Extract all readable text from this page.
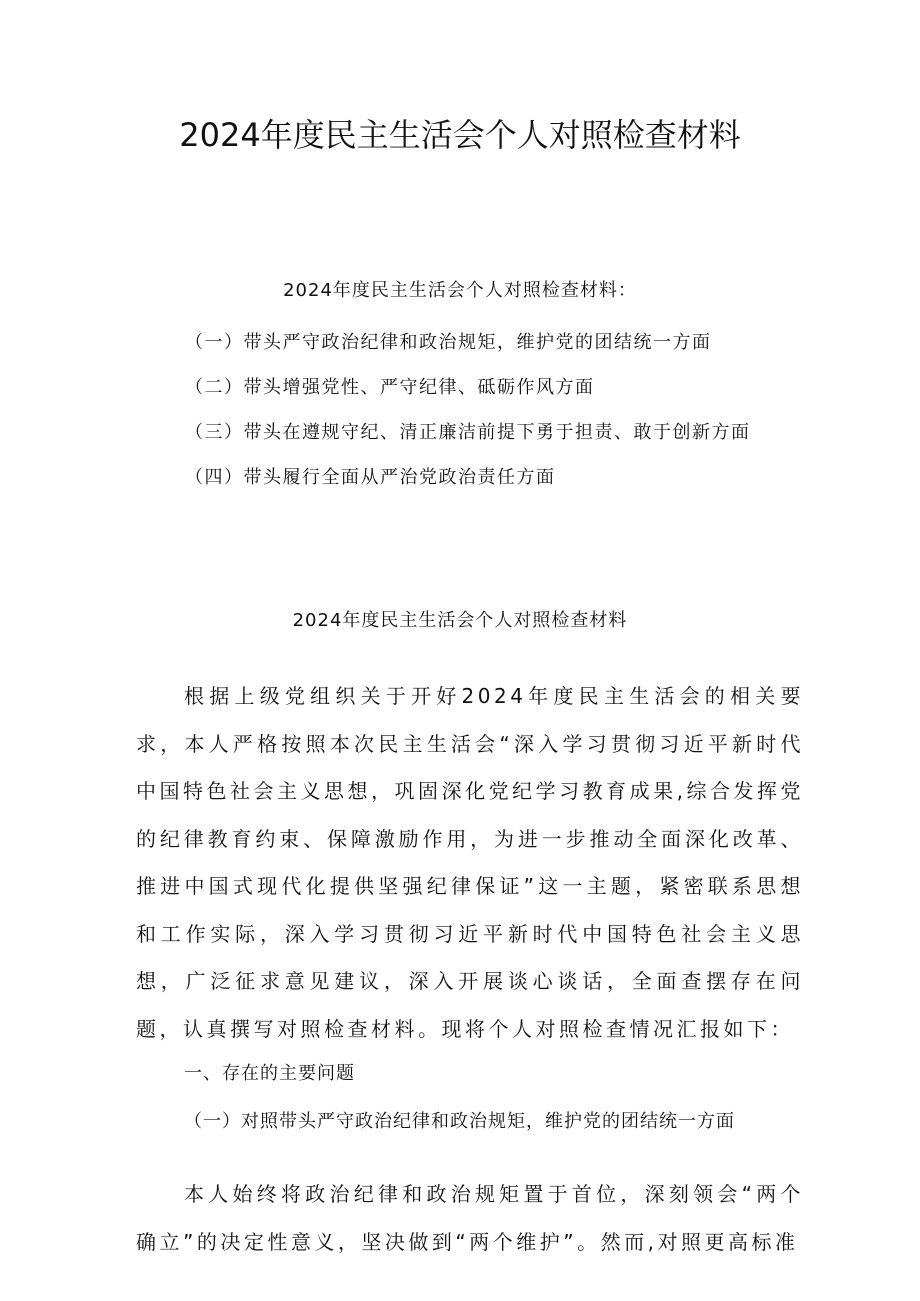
2024年度民主生活会个人对照检查材料

2024年度民主生活会个人对照检查材料：

（一）带头严守政治纪律和政治规矩，维护党的团结统一方面
（二）带头增强党性、严守纪律、砥砺作风方面
（三）带头在遵规守纪、清正廉洁前提下勇于担责、敢于创新方面
（四）带头履行全面从严治党政治责任方面

2024年度民主生活会个人对照检查材料

根据上级党组织关于开好2024年度民主生活会的相关要求，本人严格按照本次民主生活会“深入学习贯彻习近平新时代中国特色社会主义思想，巩固深化党纪学习教育成果,综合发挥党的纪律教育约束、保障激励作用，为进一步推动全面深化改革、推进中国式现代化提供坚强纪律保证”这一主题，紧密联系思想和工作实际，深入学习贯彻习近平新时代中国特色社会主义思想，广泛征求意见建议，深入开展谈心谈话，全面查摆存在问题，认真撰写对照检查材料。现将个人对照检查情况汇报如下：

一、存在的主要问题

（一）对照带头严守政治纪律和政治规矩，维护党的团结统一方面

本人始终将政治纪律和政治规矩置于首位，深刻领会“两个确立”的决定性意义，坚决做到“两个维护”。然而,对照更高标准
